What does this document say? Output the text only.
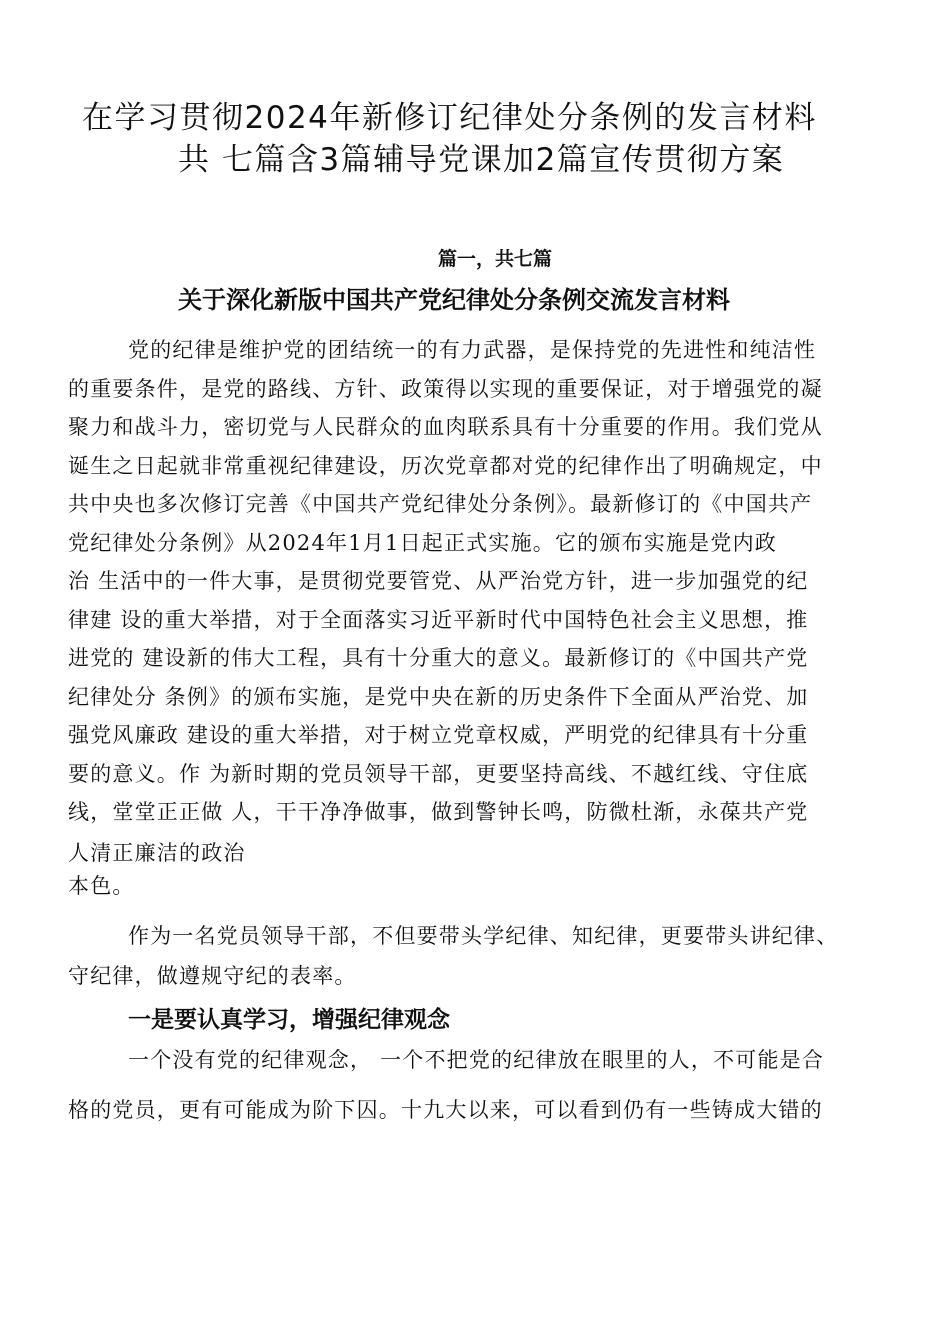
在学习贯彻2024年新修订纪律处分条例的发言材料
共 七篇含3篇辅导党课加2篇宣传贯彻方案
篇一，共七篇
关于深化新版中国共产党纪律处分条例交流发言材料
党的纪律是维护党的团结统一的有力武器，是保持党的先进性和纯洁性
的重要条件，是党的路线、方针、政策得以实现的重要保证，对于增强党的凝
聚力和战斗力，密切党与人民群众的血肉联系具有十分重要的作用。我们党从
诞生之日起就非常重视纪律建设，历次党章都对党的纪律作出了明确规定，中
共中央也多次修订完善《中国共产党纪律处分条例》。最新修订的《中国共产
党纪律处分条例》从2024年1月1日起正式实施。它的颁布实施是党内政
治 生活中的一件大事，是贯彻党要管党、从严治党方针，进一步加强党的纪
律建 设的重大举措，对于全面落实习近平新时代中国特色社会主义思想，推
进党的 建设新的伟大工程，具有十分重大的意义。最新修订的《中国共产党
纪律处分 条例》的颁布实施，是党中央在新的历史条件下全面从严治党、加
强党风廉政 建设的重大举措，对于树立党章权威，严明党的纪律具有十分重
要的意义。作 为新时期的党员领导干部，更要坚持高线、不越红线、守住底
线，堂堂正正做 人，干干净净做事，做到警钟长鸣，防微杜渐，永葆共产党
人清正廉洁的政治
本色。
作为一名党员领导干部，不但要带头学纪律、知纪律，更要带头讲纪律、
守纪律，做遵规守纪的表率。
一是要认真学习，增强纪律观念
一个没有党的纪律观念， 一个不把党的纪律放在眼里的人，不可能是合
格的党员，更有可能成为阶下囚。十九大以来，可以看到仍有一些铸成大错的
